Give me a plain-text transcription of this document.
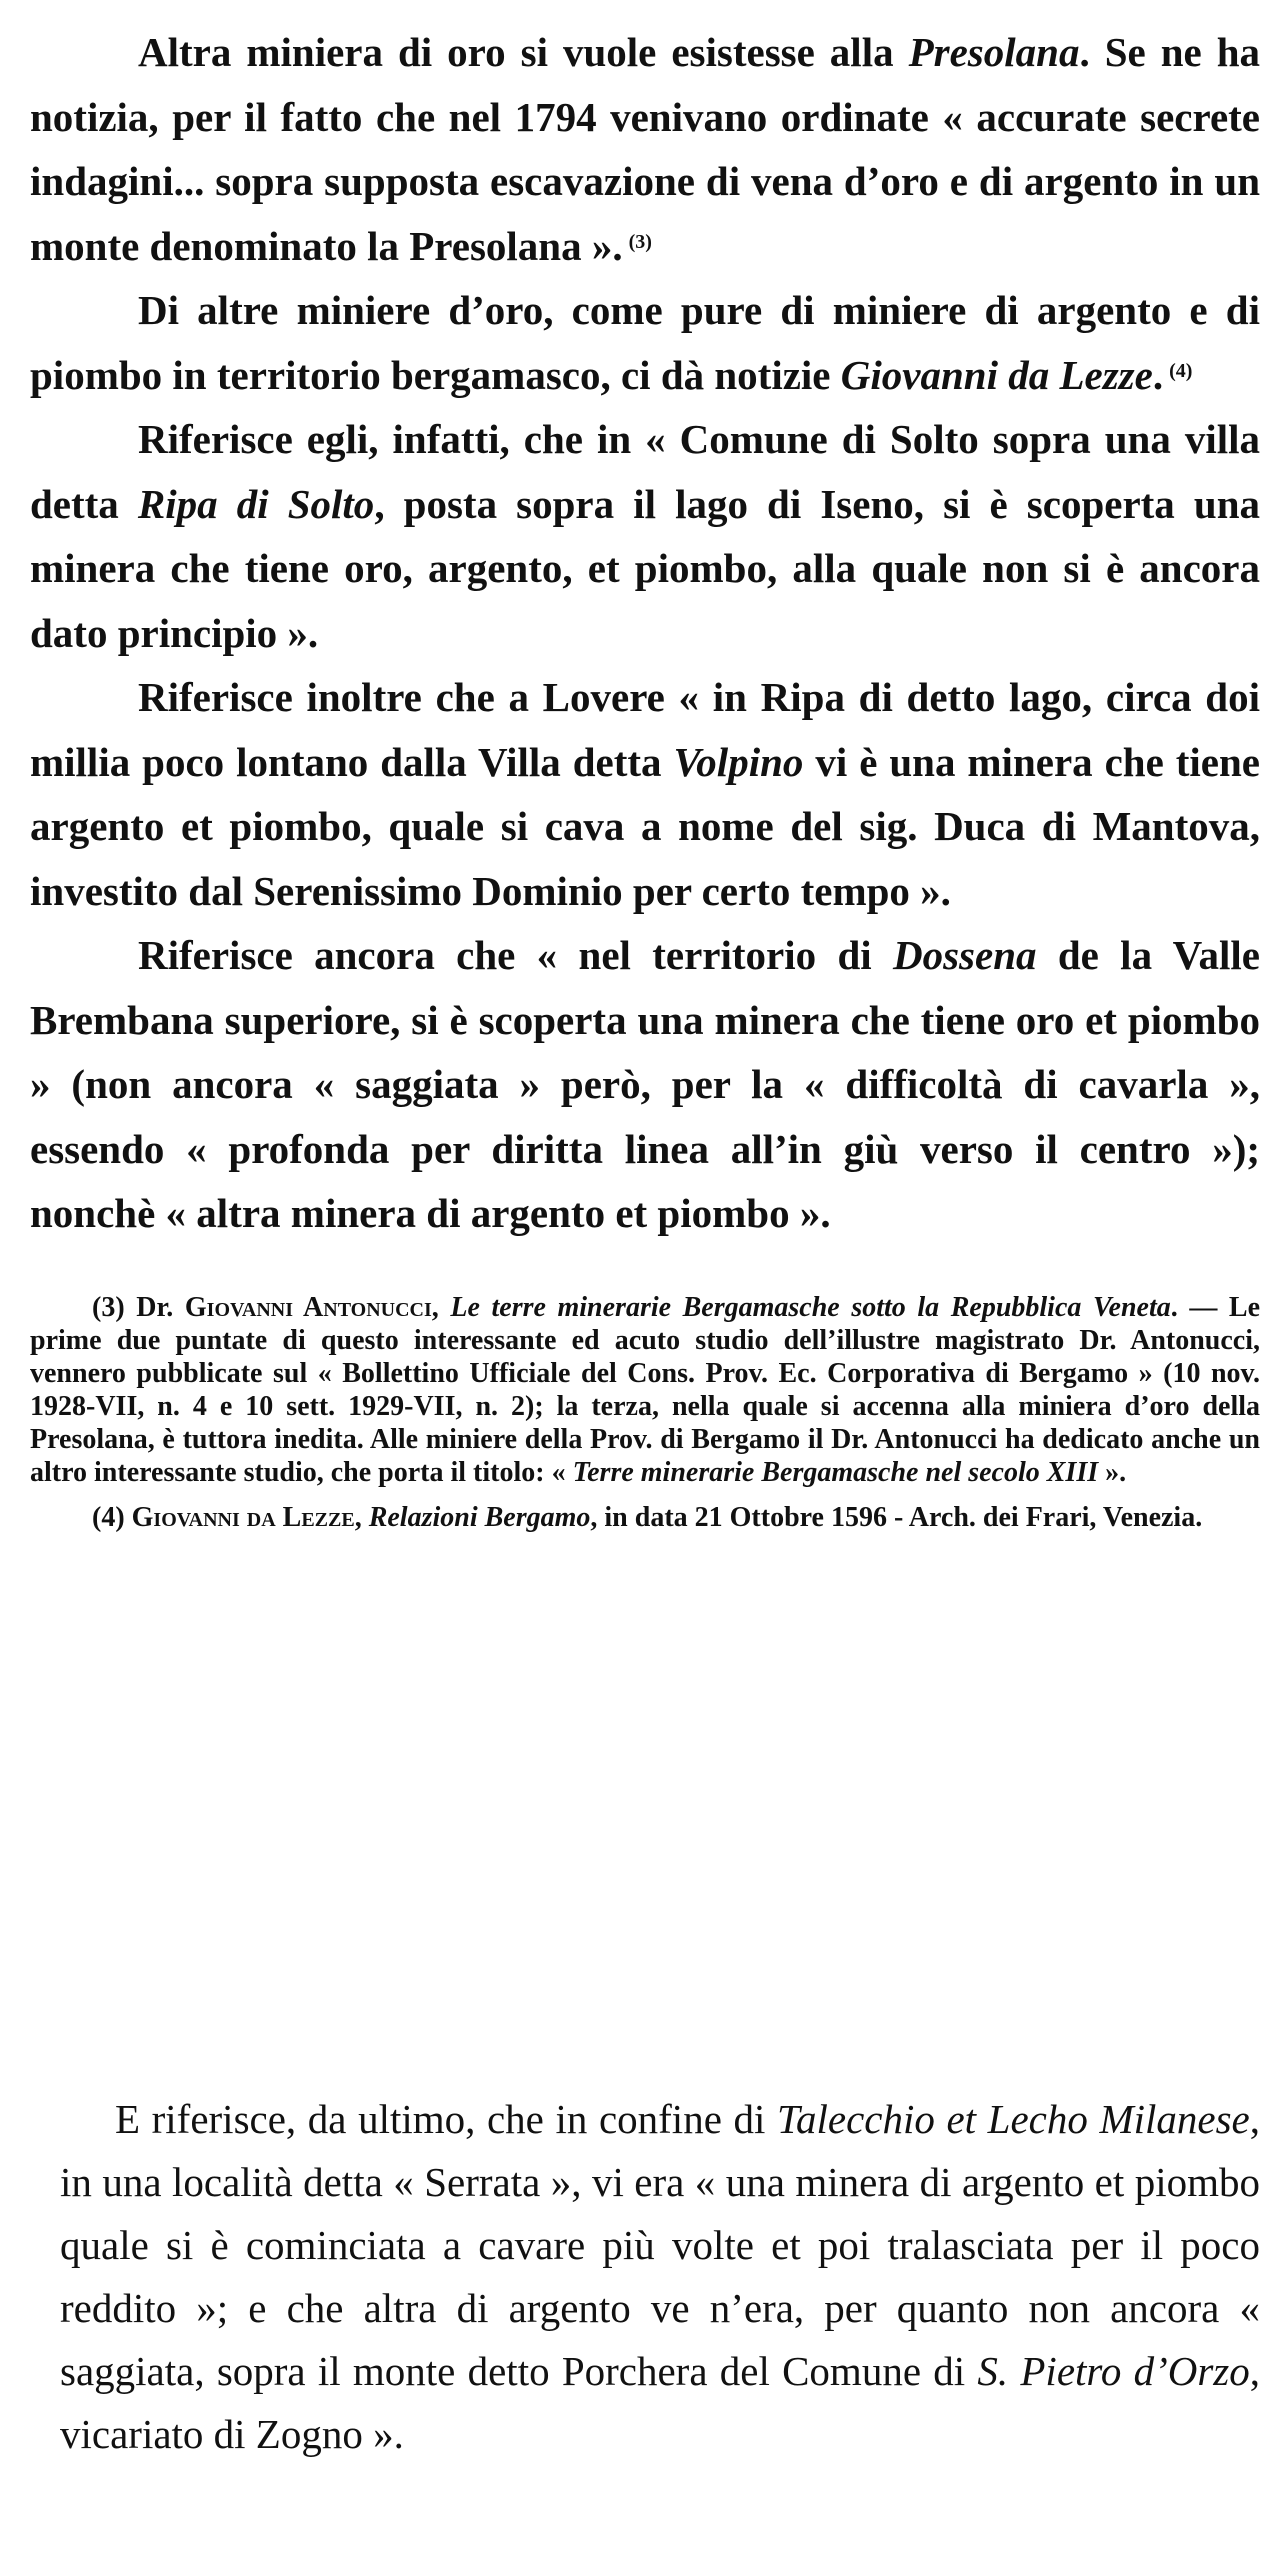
Altra miniera di oro si vuole esistesse alla Presolana. Se ne ha notizia, per il fatto che nel 1794 venivano ordinate « accurate secrete indagini... sopra supposta escavazione di vena d’oro e di argento in un monte denominato la Presolana ». $^{(3)}$

Di altre miniere d’oro, come pure di miniere di argento e di piombo in territorio bergamasco, ci dà notizie Giovanni da Lezze. $^{(4)}$

Riferisce egli, infatti, che in « Comune di Solto sopra una villa detta Ripa di Solto, posta sopra il lago di Iseno, si è scoperta una minera che tiene oro, argento, et piombo, alla quale non si è ancora dato principio ».

Riferisce inoltre che a Lovere « in Ripa di detto lago, circa doi millia poco lontano dalla Villa detta Volpino vi è una minera che tiene argento et piombo, quale si cava a nome del sig. Duca di Mantova, investito dal Serenissimo Dominio per certo tempo ».

Riferisce ancora che « nel territorio di Dossena de la Valle Brembana superiore, si è scoperta una minera che tiene oro et piombo » (non ancora « saggiata » però, per la « difficoltà di cavarla », essendo « profonda per diritta linea all’in giù verso il centro »); nonchè « altra minera di argento et piombo ».

(3) Dr. Giovanni Antonucci, Le terre minerarie Bergamasche sotto la Repubblica Veneta. — Le prime due puntate di questo interessante ed acuto studio dell’illustre magistrato Dr. Antonucci, vennero pubblicate sul « Bollettino Ufficiale del Cons. Prov. Ec. Corporativa di Bergamo » (10 nov. 1928-VII, n. 4 e 10 sett. 1929-VII, n. 2); la terza, nella quale si accenna alla miniera d’oro della Presolana, è tuttora inedita. Alle miniere della Prov. di Bergamo il Dr. Antonucci ha dedicato anche un altro interessante studio, che porta il titolo: « Terre minerarie Bergamasche nel secolo XIII ».

(4) Giovanni da Lezze, Relazioni Bergamo, in data 21 Ottobre 1596 - Arch. dei Frari, Venezia.

E riferisce, da ultimo, che in confine di Talecchio et Lecho Milanese, in una località detta « Serrata », vi era « una minera di argento et piombo quale si è cominciata a cavare più volte et poi tralasciata per il poco reddito »; e che altra di argento ve n’era, per quanto non ancora « saggiata, sopra il monte detto Porchera del Comune di S. Pietro d’Orzo, vicariato di Zogno ».
